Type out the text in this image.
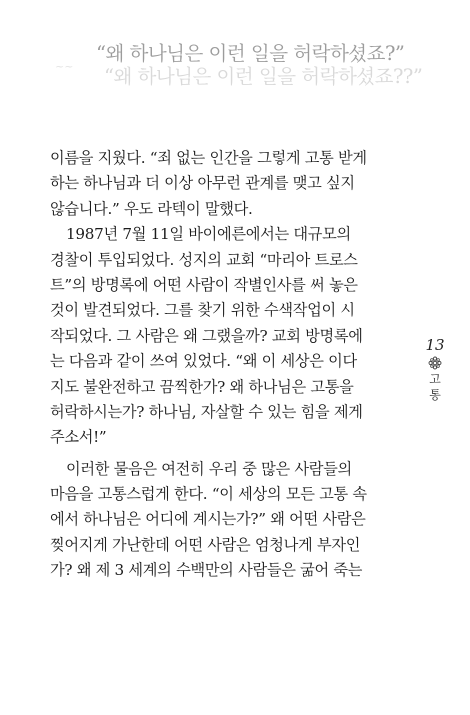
~~
“왜 하나님은 이런 일을 허락하셨죠?”
“왜 하나님은 이런 일을 허락하셨죠??”
이름을 지웠다. “죄 없는 인간을 그렇게 고통 받게
하는 하나님과 더 이상 아무런 관계를 맺고 싶지
않습니다.” 우도 라텍이 말했다.
1987년 7월 11일 바이에른에서는 대규모의
경찰이 투입되었다. 성지의 교회 “마리아 트로스
트”의 방명록에 어떤 사람이 작별인사를 써 놓은
것이 발견되었다. 그를 찾기 위한 수색작업이 시
작되었다. 그 사람은 왜 그랬을까? 교회 방명록에
는 다음과 같이 쓰여 있었다. “왜 이 세상은 이다
지도 불완전하고 끔찍한가? 왜 하나님은 고통을
허락하시는가? 하나님, 자살할 수 있는 힘을 제게
주소서!”
이러한 물음은 여전히 우리 중 많은 사람들의
마음을 고통스럽게 한다. “이 세상의 모든 고통 속
에서 하나님은 어디에 계시는가?” 왜 어떤 사람은
찢어지게 가난한데 어떤 사람은 엄청나게 부자인
가? 왜 제 3 세계의 수백만의 사람들은 굶어 죽는
13
고
통
